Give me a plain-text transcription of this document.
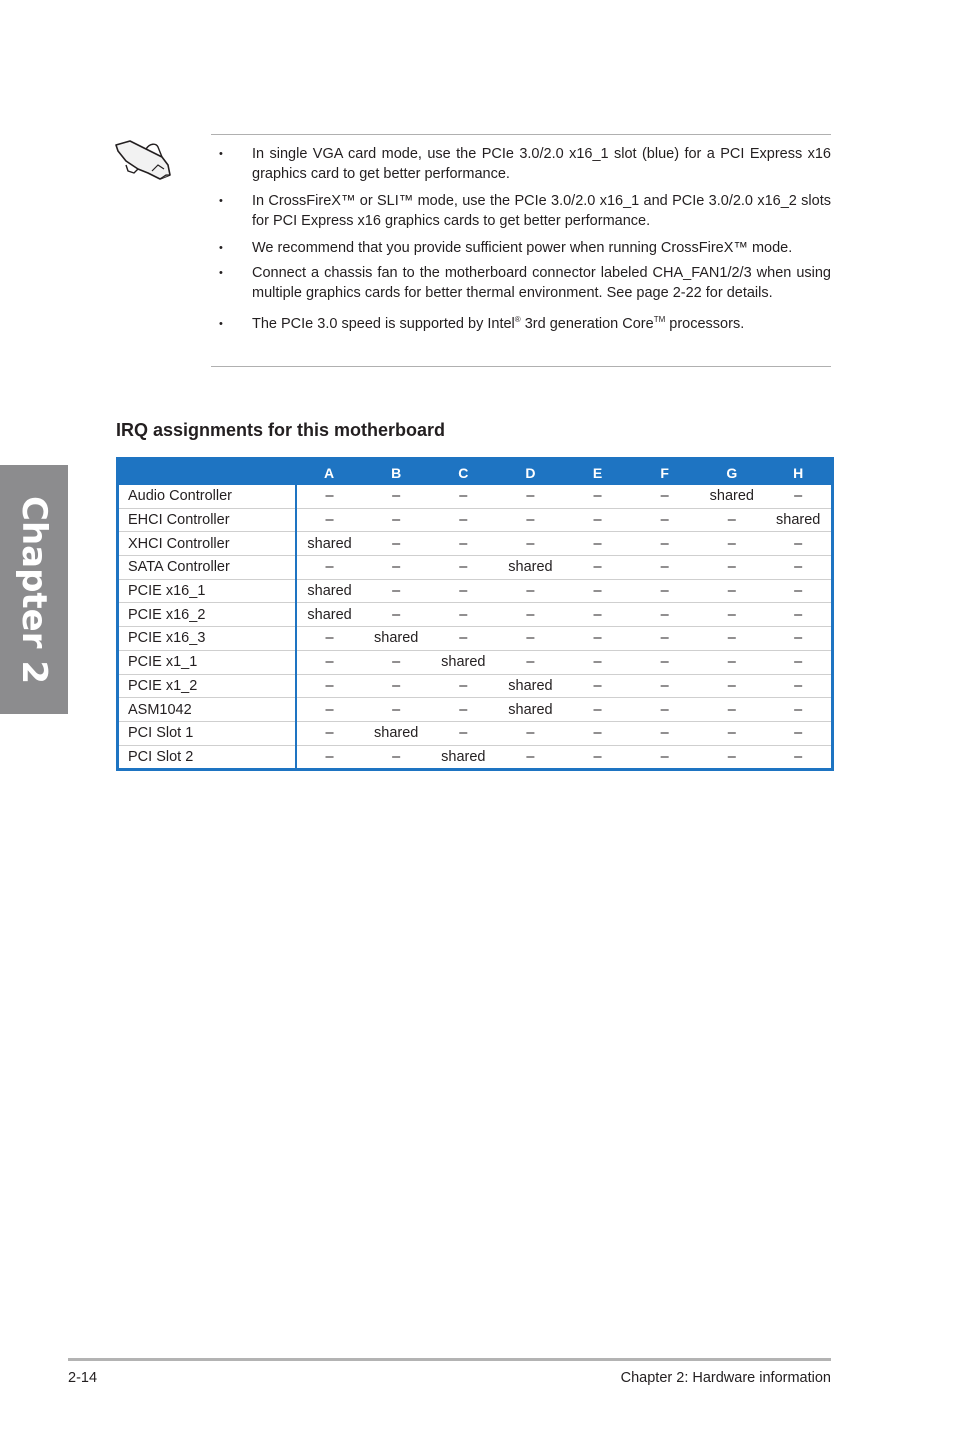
Chapter 2
• In single VGA card mode, use the PCIe 3.0/2.0 x16_1 slot (blue) for a PCI Express x16 graphics card to get better performance.
• In CrossFireX™ or SLI™ mode, use the PCIe 3.0/2.0 x16_1 and PCIe 3.0/2.0 x16_2 slots for PCI Express x16 graphics cards to get better performance.
• We recommend that you provide sufficient power when running CrossFireX™ mode.
• Connect a chassis fan to the motherboard connector labeled CHA_FAN1/2/3 when using multiple graphics cards for better thermal environment. See page 2-22 for details.
• The PCIe 3.0 speed is supported by Intel® 3rd generation Core™ processors.
IRQ assignments for this motherboard
	A	B	C	D	E	F	G	H
Audio Controller	–	–	–	–	–	–	shared	–
EHCI Controller	–	–	–	–	–	–	–	shared
XHCI Controller	shared	–	–	–	–	–	–	–
SATA Controller	–	–	–	shared	–	–	–	–
PCIE x16_1	shared	–	–	–	–	–	–	–
PCIE x16_2	shared	–	–	–	–	–	–	–
PCIE x16_3	–	shared	–	–	–	–	–	–
PCIE x1_1	–	–	shared	–	–	–	–	–
PCIE x1_2	–	–	–	shared	–	–	–	–
ASM1042	–	–	–	shared	–	–	–	–
PCI Slot 1	–	shared	–	–	–	–	–	–
PCI Slot 2	–	–	shared	–	–	–	–	–
2-14	Chapter 2: Hardware information
